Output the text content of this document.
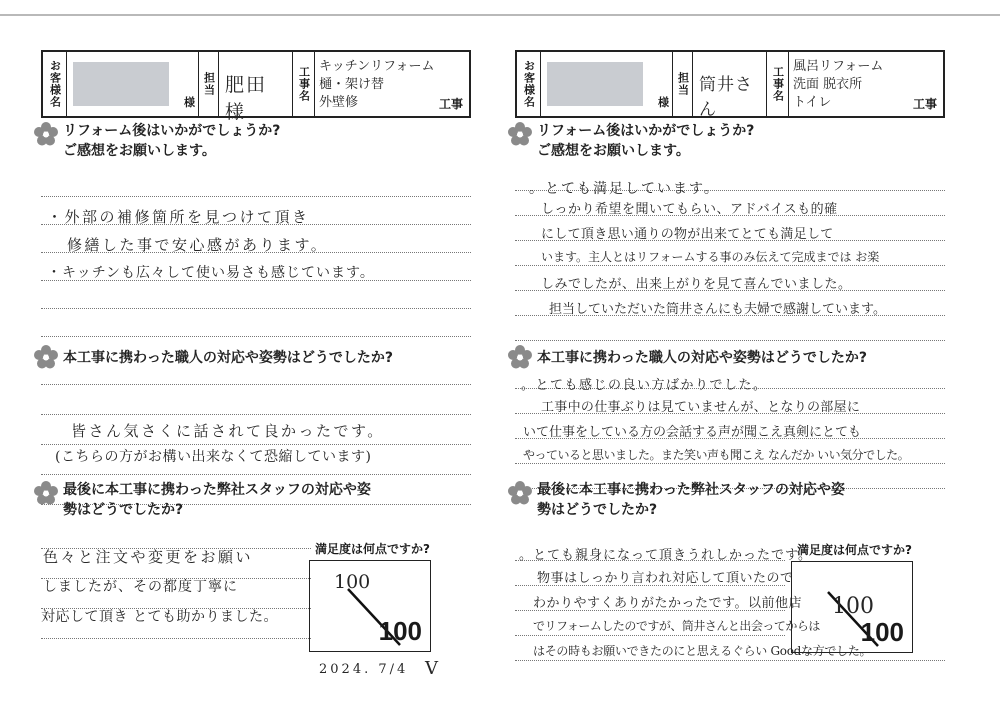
お客様名	様
担当 肥田 様
工事名 キッチンリフォーム
樋・架け替
外壁修	工事
リフォーム後はいかがでしょうか?
ご感想をお願いします。
・外部の補修箇所を見つけて頂き
修繕した事で安心感があります。
・キッチンも広々して使い易さも感じています。
本工事に携わった職人の対応や姿勢はどうでしたか?
皆さん気さくに話されて良かったです。
(こちらの方がお構い出来なくて恐縮しています)
最後に本工事に携わった弊社スタッフの対応や姿
勢はどうでしたか?
色々と注文や変更をお願い
しましたが、その都度丁寧に
対応して頂き とても助かりました。
満足度は何点ですか?
100
100
2024. 7/4 V
お客様名	様
担当 筒井さん
工事名 風呂リフォーム
洗面 脱衣所
トイレ	工事
リフォーム後はいかがでしょうか?
ご感想をお願いします。
。とても満足しています。
しっかり希望を聞いてもらい、アドバイスも的確
にして頂き思い通りの物が出来てとても満足して
います。主人とはリフォームする事のみ伝えて完成までは お楽
しみでしたが、出来上がりを見て喜んでいました。
担当していただいた筒井さんにも夫婦で感謝しています。
本工事に携わった職人の対応や姿勢はどうでしたか?
。とても感じの良い方ばかりでした。
工事中の仕事ぶりは見ていませんが、となりの部屋に
いて仕事をしている方の会話する声が聞こえ真剣にとても
やっていると思いました。また笑い声も聞こえ なんだか いい気分でした。
最後に本工事に携わった弊社スタッフの対応や姿
勢はどうでしたか?
。とても親身になって頂きうれしかったです。
物事はしっかり言われ対応して頂いたので
わかりやすくありがたかったです。以前他店
でリフォームしたのですが、筒井さんと出会ってからは
はその時もお願いできたのにと思えるぐらい Goodな方でした。
満足度は何点ですか?
100
100
